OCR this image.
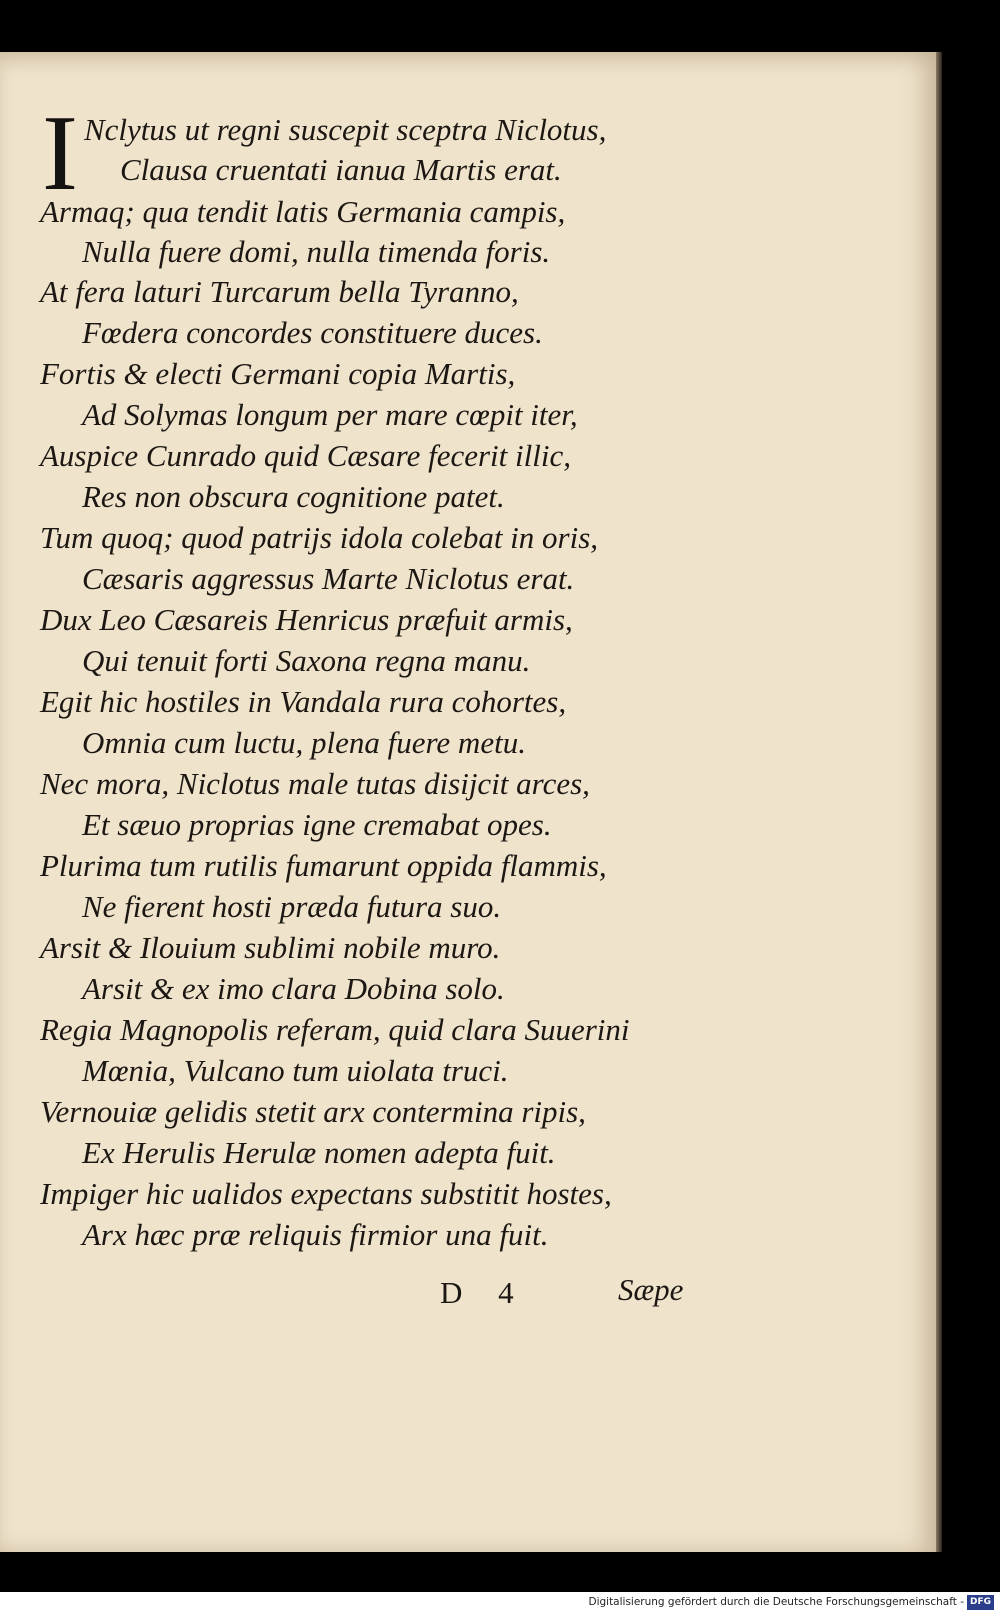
I Nclytus ut regni suscepit sceptra Niclotus,
Clausa cruentati ianua Martis erat.
Armaq; qua tendit latis Germania campis,
Nulla fuere domi, nulla timenda foris.
At fera laturi Turcarum bella Tyranno,
Fœdera concordes constituere duces.
Fortis & electi Germani copia Martis,
Ad Solymas longum per mare cœpit iter,
Auspice Cunrado quid Cæsare fecerit illic,
Res non obscura cognitione patet.
Tum quoq; quod patrijs idola colebat in oris,
Cæsaris aggressus Marte Niclotus erat.
Dux Leo Cæsareis Henricus præfuit armis,
Qui tenuit forti Saxona regna manu.
Egit hic hostiles in Vandala rura cohortes,
Omnia cum luctu, plena fuere metu.
Nec mora, Niclotus male tutas disijcit arces,
Et sæuo proprias igne cremabat opes.
Plurima tum rutilis fumarunt oppida flammis,
Ne fierent hosti præda futura suo.
Arsit & Ilouium sublimi nobile muro.
Arsit & ex imo clara Dobina solo.
Regia Magnopolis referam, quid clara Suuerini
Mœnia, Vulcano tum uiolata truci.
Vernouiæ gelidis stetit arx contermina ripis,
Ex Herulis Herulæ nomen adepta fuit.
Impiger hic ualidos expectans substitit hostes,
Arx hæc præ reliquis firmior una fuit.
D 4	Sæpe
Digitalisierung gefördert durch die Deutsche Forschungsgemeinschaft - DFG
